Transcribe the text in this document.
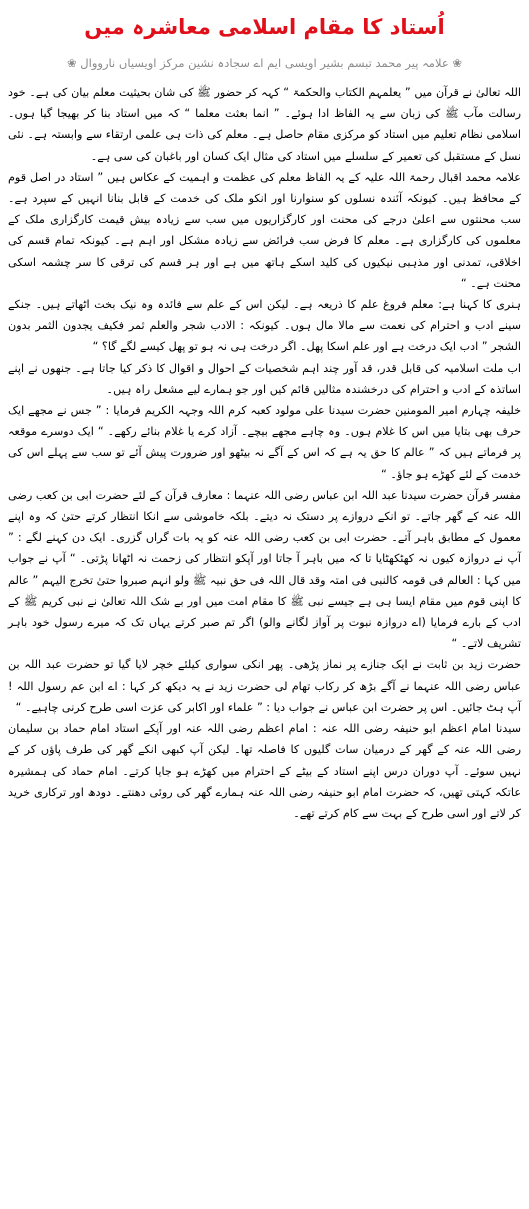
اُستاد کا مقام اسلامی معاشرہ میں
❀ علامہ پیر محمد تبسم بشیر اویسی ایم اے سجادہ نشین مرکز اویسیاں نارووال ❀

اللہ تعالیٰ نے قرآن میں ” یعلمہم الکتاب والحکمۃ “ کہہ کر حضور ﷺ کی شان بحیثیت معلم بیان کی ہے۔ خود رسالت مآب ﷺ کی زبان سے یہ الفاظ ادا ہوئے۔ ” انما بعثت معلما “ کہ میں استاد بنا کر بھیجا گیا ہوں۔ اسلامی نظام تعلیم میں استاد کو مرکزی مقام حاصل ہے۔ معلم کی ذات ہی علمی ارتقاء سے وابستہ ہے۔ نئی نسل کے مستقبل کی تعمیر کے سلسلے میں استاد کی مثال ایک کسان اور باغبان کی سی ہے۔

علامہ محمد اقبال رحمۃ اللہ علیہ کے یہ الفاظ معلم کی عظمت و اہمیت کے عکاس ہیں ” استاد در اصل قوم کے محافظ ہیں۔ کیونکہ آئندہ نسلوں کو سنوارنا اور انکو ملک کی خدمت کے قابل بنانا انہیں کے سپرد ہے۔ سب محنتوں سے اعلیٰ درجے کی محنت اور کارگزاریوں میں سب سے زیادہ بیش قیمت کارگزاری ملک کے معلموں کی کارگزاری ہے۔ معلم کا فرض سب فرائض سے زیادہ مشکل اور اہم ہے۔ کیونکہ تمام قسم کی اخلاقی، تمدنی اور مذہبی نیکیوں کی کلید اسکے ہاتھ میں ہے اور ہر قسم کی ترقی کا سر چشمہ اسکی محنت ہے۔ “

ہنری کا کہنا ہے: معلم فروغ علم کا ذریعہ ہے۔ لیکن اس کے علم سے فائدہ وہ نیک بخت اٹھاتے ہیں۔ جنکے سینے ادب و احترام کی نعمت سے مالا مال ہوں۔ کیونکہ : الادب شجر والعلم ثمر فکیف یجدون الثمر بدون الشجر ” ادب ایک درخت ہے اور علم اسکا پھل۔ اگر درخت ہی نہ ہو تو پھل کیسے لگے گا؟ “

اب ملت اسلامیہ کی قابل قدر، قد آور چند اہم شخصیات کے احوال و اقوال کا ذکر کیا جاتا ہے۔ جنھوں نے اپنے اساتذہ کے ادب و احترام کی درخشندہ مثالیں قائم کیں اور جو ہمارے لیے مشعل راہ ہیں۔

خلیفہ چہارم امیر المومنین حضرت سیدنا علی مولود کعبہ کرم اللہ وجہہ الکریم فرمایا : ” جس نے مجھے ایک حرف بھی بتایا میں اس کا غلام ہوں۔ وہ چاہے مجھے بیچے۔ آزاد کرے یا غلام بنائے رکھے۔ “ ایک دوسرے موقعہ پر فرماتے ہیں کہ ” عالم کا حق یہ ہے کہ اس کے آگے نہ بیٹھو اور ضرورت پیش آئے تو سب سے پہلے اس کی خدمت کے لئے کھڑے ہو جاؤ۔ “

مفسر قرآن حضرت سیدنا عبد اللہ ابن عباس رضی اللہ عنہما : معارف قرآن کے لئے حضرت ابی بن کعب رضی اللہ عنہ کے گھر جاتے۔ تو انکے دروازے پر دستک نہ دیتے۔ بلکہ خاموشی سے انکا انتظار کرتے حتیٰ کہ وہ اپنے معمول کے مطابق باہر آتے۔ حضرت ابی بن کعب رضی اللہ عنہ کو یہ بات گراں گزری۔ ایک دن کہنے لگے : ” آپ نے دروازہ کیوں نہ کھٹکھٹایا تا کہ میں باہر آ جاتا اور آپکو انتظار کی زحمت نہ اٹھانا پڑتی۔ “ آپ نے جواب میں کہا : العالم فی قومہ کالنبی فی امتہ وقد قال اللہ فی حق نبیہ ﷺ ولو انہم صبروا حتیٰ تخرج الیہم ” عالم کا اپنی قوم میں مقام ایسا ہی ہے جیسے نبی ﷺ کا مقام امت میں اور بے شک اللہ تعالیٰ نے نبی کریم ﷺ کے ادب کے بارے فرمایا (اے دروازہ نبوت پر آواز لگانے والو) اگر تم صبر کرتے یہاں تک کہ میرے رسول خود باہر تشریف لاتے۔ “

حضرت زید بن ثابت نے ایک جنازے پر نماز پڑھی۔ پھر انکی سواری کیلئے خچر لایا گیا تو حضرت عبد اللہ بن عباس رضی اللہ عنہما نے آگے بڑھ کر رکاب تھام لی حضرت زید نے یہ دیکھ کر کہا : اے ابن عم رسول اللہ ! آپ ہٹ جائیں۔ اس پر حضرت ابن عباس نے جواب دیا : ” علماء اور اکابر کی عزت اسی طرح کرنی چاہیے۔ “

سیدنا امام اعظم ابو حنیفہ رضی اللہ عنہ : امام اعظم رضی اللہ عنہ اور آپکے استاد امام حماد بن سلیمان رضی اللہ عنہ کے گھر کے درمیان سات گلیوں کا فاصلہ تھا۔ لیکن آپ کبھی انکے گھر کی طرف پاؤں کر کے نہیں سوئے۔ آپ دوران درس اپنے استاد کے بیٹے کے احترام میں کھڑے ہو جایا کرتے۔ امام حماد کی ہمشیرہ عاتکہ کہتی تھیں، کہ حضرت امام ابو حنیفہ رضی اللہ عنہ ہمارے گھر کی روئی دھنتے۔ دودھ اور ترکاری خرید کر لاتے اور اسی طرح کے بہت سے کام کرتے تھے۔
